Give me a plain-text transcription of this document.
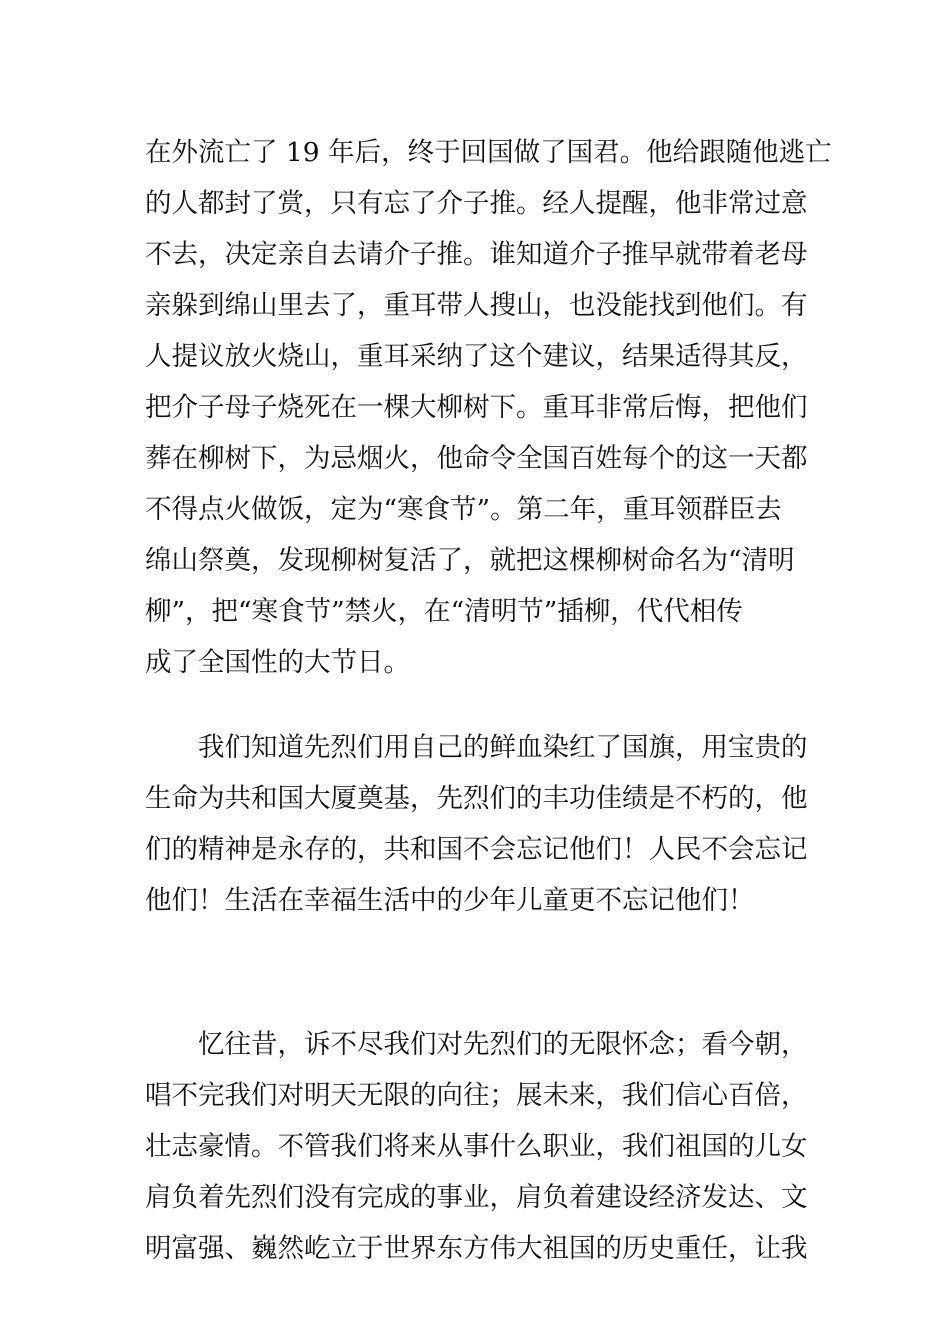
在外流亡了 19 年后，终于回国做了国君。他给跟随他逃亡
的人都封了赏，只有忘了介子推。经人提醒，他非常过意
不去，决定亲自去请介子推。谁知道介子推早就带着老母
亲躲到绵山里去了，重耳带人搜山，也没能找到他们。有
人提议放火烧山，重耳采纳了这个建议，结果适得其反，
把介子母子烧死在一棵大柳树下。重耳非常后悔，把他们
葬在柳树下，为忌烟火，他命令全国百姓每个的这一天都
不得点火做饭，定为“寒食节”。第二年，重耳领群臣去
绵山祭奠，发现柳树复活了，就把这棵柳树命名为“清明
柳”，把“寒食节”禁火，在“清明节”插柳，代代相传
成了全国性的大节日。
我们知道先烈们用自己的鲜血染红了国旗，用宝贵的
生命为共和国大厦奠基，先烈们的丰功佳绩是不朽的，他
们的精神是永存的，共和国不会忘记他们！人民不会忘记
他们！生活在幸福生活中的少年儿童更不忘记他们！
忆往昔，诉不尽我们对先烈们的无限怀念；看今朝，
唱不完我们对明天无限的向往；展未来，我们信心百倍，
壮志豪情。不管我们将来从事什么职业，我们祖国的儿女
肩负着先烈们没有完成的事业，肩负着建设经济发达、文
明富强、巍然屹立于世界东方伟大祖国的历史重任，让我
